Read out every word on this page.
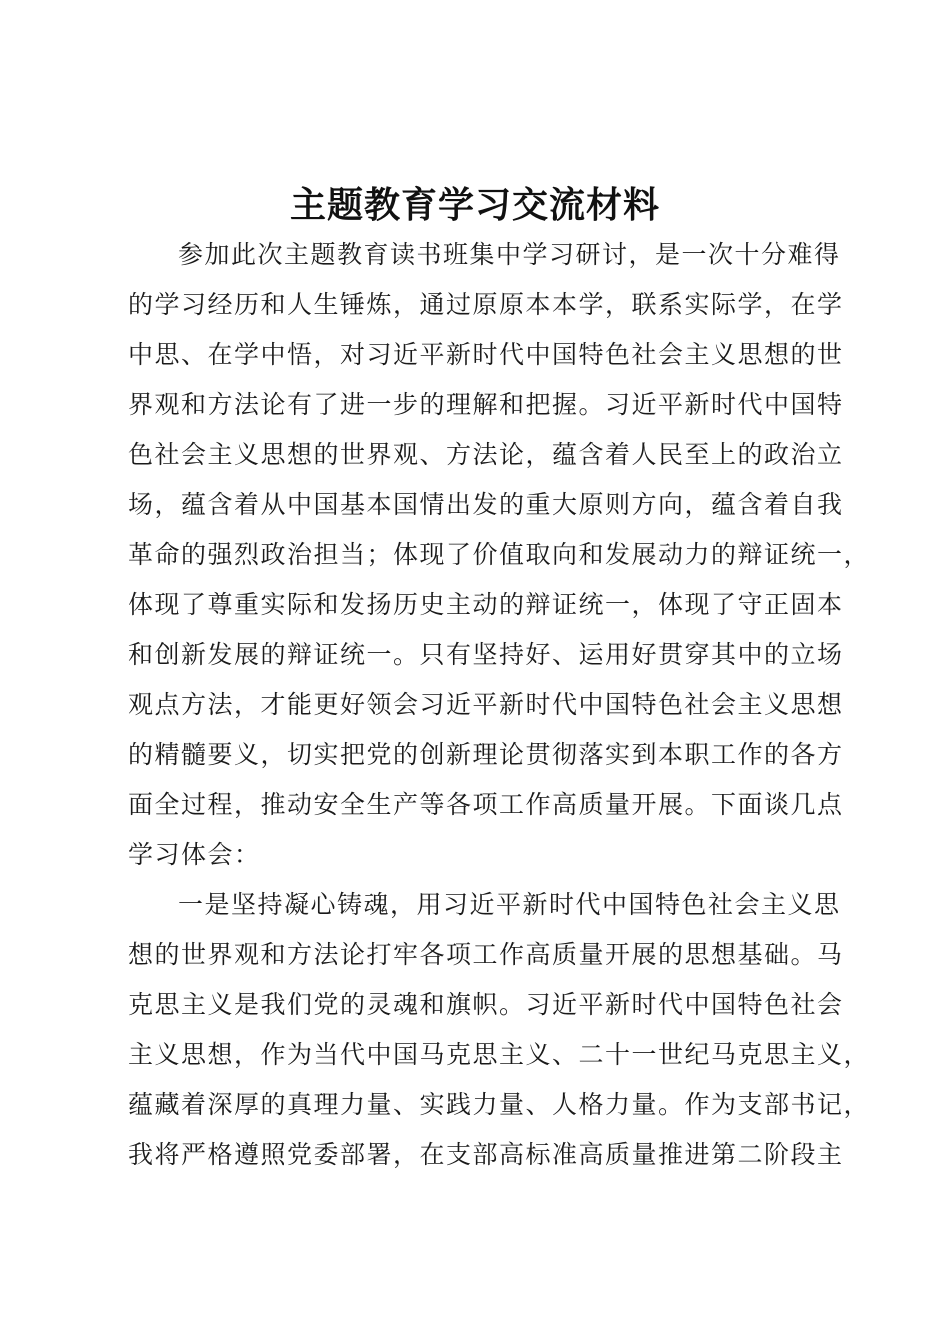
主题教育学习交流材料
参加此次主题教育读书班集中学习研讨，是一次十分难得
的学习经历和人生锤炼，通过原原本本学，联系实际学，在学
中思、在学中悟，对习近平新时代中国特色社会主义思想的世
界观和方法论有了进一步的理解和把握。习近平新时代中国特
色社会主义思想的世界观、方法论，蕴含着人民至上的政治立
场，蕴含着从中国基本国情出发的重大原则方向，蕴含着自我
革命的强烈政治担当；体现了价值取向和发展动力的辩证统一，
体现了尊重实际和发扬历史主动的辩证统一，体现了守正固本
和创新发展的辩证统一。只有坚持好、运用好贯穿其中的立场
观点方法，才能更好领会习近平新时代中国特色社会主义思想
的精髓要义，切实把党的创新理论贯彻落实到本职工作的各方
面全过程，推动安全生产等各项工作高质量开展。下面谈几点
学习体会：
一是坚持凝心铸魂，用习近平新时代中国特色社会主义思
想的世界观和方法论打牢各项工作高质量开展的思想基础。马
克思主义是我们党的灵魂和旗帜。习近平新时代中国特色社会
主义思想，作为当代中国马克思主义、二十一世纪马克思主义，
蕴藏着深厚的真理力量、实践力量、人格力量。作为支部书记，
我将严格遵照党委部署，在支部高标准高质量推进第二阶段主
